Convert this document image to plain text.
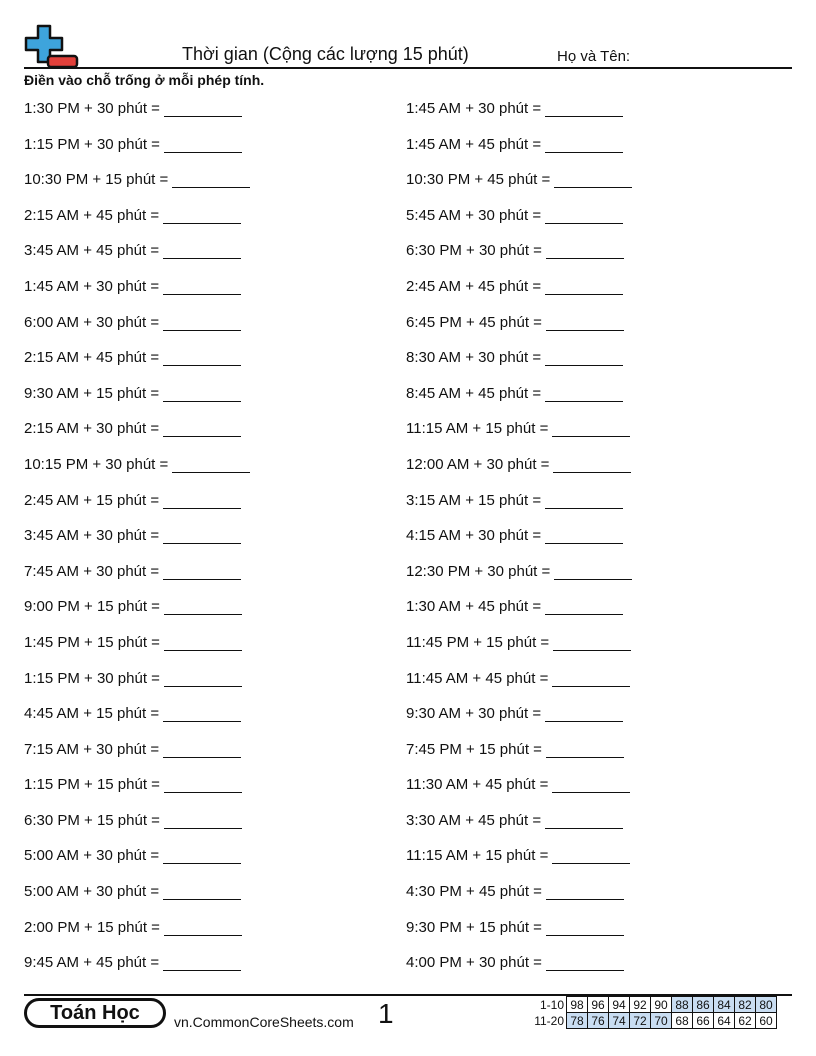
Thời gian (Cộng các lượng 15 phút)	Họ và Tên:
Điền vào chỗ trống ở mỗi phép tính.
1:30 PM + 30 phút =
1:15 PM + 30 phút =
10:30 PM + 15 phút =
2:15 AM + 45 phút =
3:45 AM + 45 phút =
1:45 AM + 30 phút =
6:00 AM + 30 phút =
2:15 AM + 45 phút =
9:30 AM + 15 phút =
2:15 AM + 30 phút =
10:15 PM + 30 phút =
2:45 AM + 15 phút =
3:45 AM + 30 phút =
7:45 AM + 30 phút =
9:00 PM + 15 phút =
1:45 PM + 15 phút =
1:15 PM + 30 phút =
4:45 AM + 15 phút =
7:15 AM + 30 phút =
1:15 PM + 15 phút =
6:30 PM + 15 phút =
5:00 AM + 30 phút =
5:00 AM + 30 phút =
2:00 PM + 15 phút =
9:45 AM + 45 phút =
1:45 AM + 30 phút =
1:45 AM + 45 phút =
10:30 PM + 45 phút =
5:45 AM + 30 phút =
6:30 PM + 30 phút =
2:45 AM + 45 phút =
6:45 PM + 45 phút =
8:30 AM + 30 phút =
8:45 AM + 45 phút =
11:15 AM + 15 phút =
12:00 AM + 30 phút =
3:15 AM + 15 phút =
4:15 AM + 30 phút =
12:30 PM + 30 phút =
1:30 AM + 45 phút =
11:45 PM + 15 phút =
11:45 AM + 45 phút =
9:30 AM + 30 phút =
7:45 PM + 15 phút =
11:30 AM + 45 phút =
3:30 AM + 45 phút =
11:15 AM + 15 phút =
4:30 PM + 45 phút =
9:30 PM + 15 phút =
4:00 PM + 30 phút =
Toán Học	vn.CommonCoreSheets.com 1	1-10	98	96	94	92	90	88	86	84	82	80
11-20	78	76	74	72	70	68	66	64	62	60
